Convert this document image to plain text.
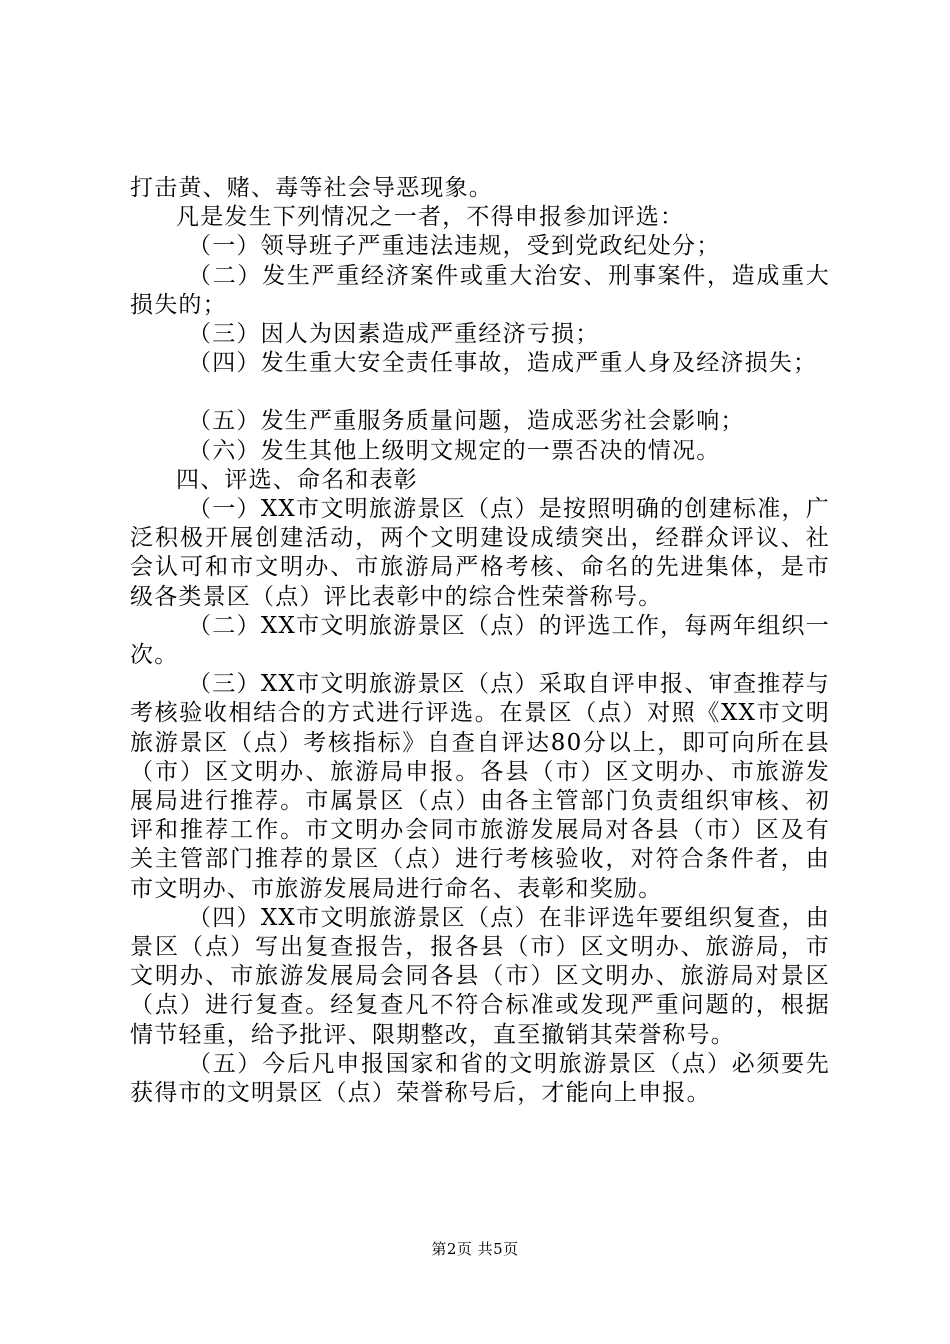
打击黄、赌、毒等社会导恶现象。

凡是发生下列情况之一者，不得申报参加评选：

（一）领导班子严重违法违规，受到党政纪处分；

（二）发生严重经济案件或重大治安、刑事案件，造成重大损失的；

（三）因人为因素造成严重经济亏损；

（四）发生重大安全责任事故，造成严重人身及经济损失；

（五）发生严重服务质量问题，造成恶劣社会影响；

（六）发生其他上级明文规定的一票否决的情况。

四、评选、命名和表彰

（一）XX市文明旅游景区（点）是按照明确的创建标准，广泛积极开展创建活动，两个文明建设成绩突出，经群众评议、社会认可和市文明办、市旅游局严格考核、命名的先进集体，是市级各类景区（点）评比表彰中的综合性荣誉称号。

（二）XX市文明旅游景区（点）的评选工作，每两年组织一次。

（三）XX市文明旅游景区（点）采取自评申报、审查推荐与考核验收相结合的方式进行评选。在景区（点）对照《XX市文明旅游景区（点）考核指标》自查自评达80分以上，即可向所在县（市）区文明办、旅游局申报。各县（市）区文明办、市旅游发展局进行推荐。市属景区（点）由各主管部门负责组织审核、初评和推荐工作。市文明办会同市旅游发展局对各县（市）区及有关主管部门推荐的景区（点）进行考核验收，对符合条件者，由市文明办、市旅游发展局进行命名、表彰和奖励。

（四）XX市文明旅游景区（点）在非评选年要组织复查，由景区（点）写出复查报告，报各县（市）区文明办、旅游局，市文明办、市旅游发展局会同各县（市）区文明办、旅游局对景区（点）进行复查。经复查凡不符合标准或发现严重问题的，根据情节轻重，给予批评、限期整改，直至撤销其荣誉称号。

（五）今后凡申报国家和省的文明旅游景区（点）必须要先获得市的文明景区（点）荣誉称号后，才能向上申报。

第2页 共5页
